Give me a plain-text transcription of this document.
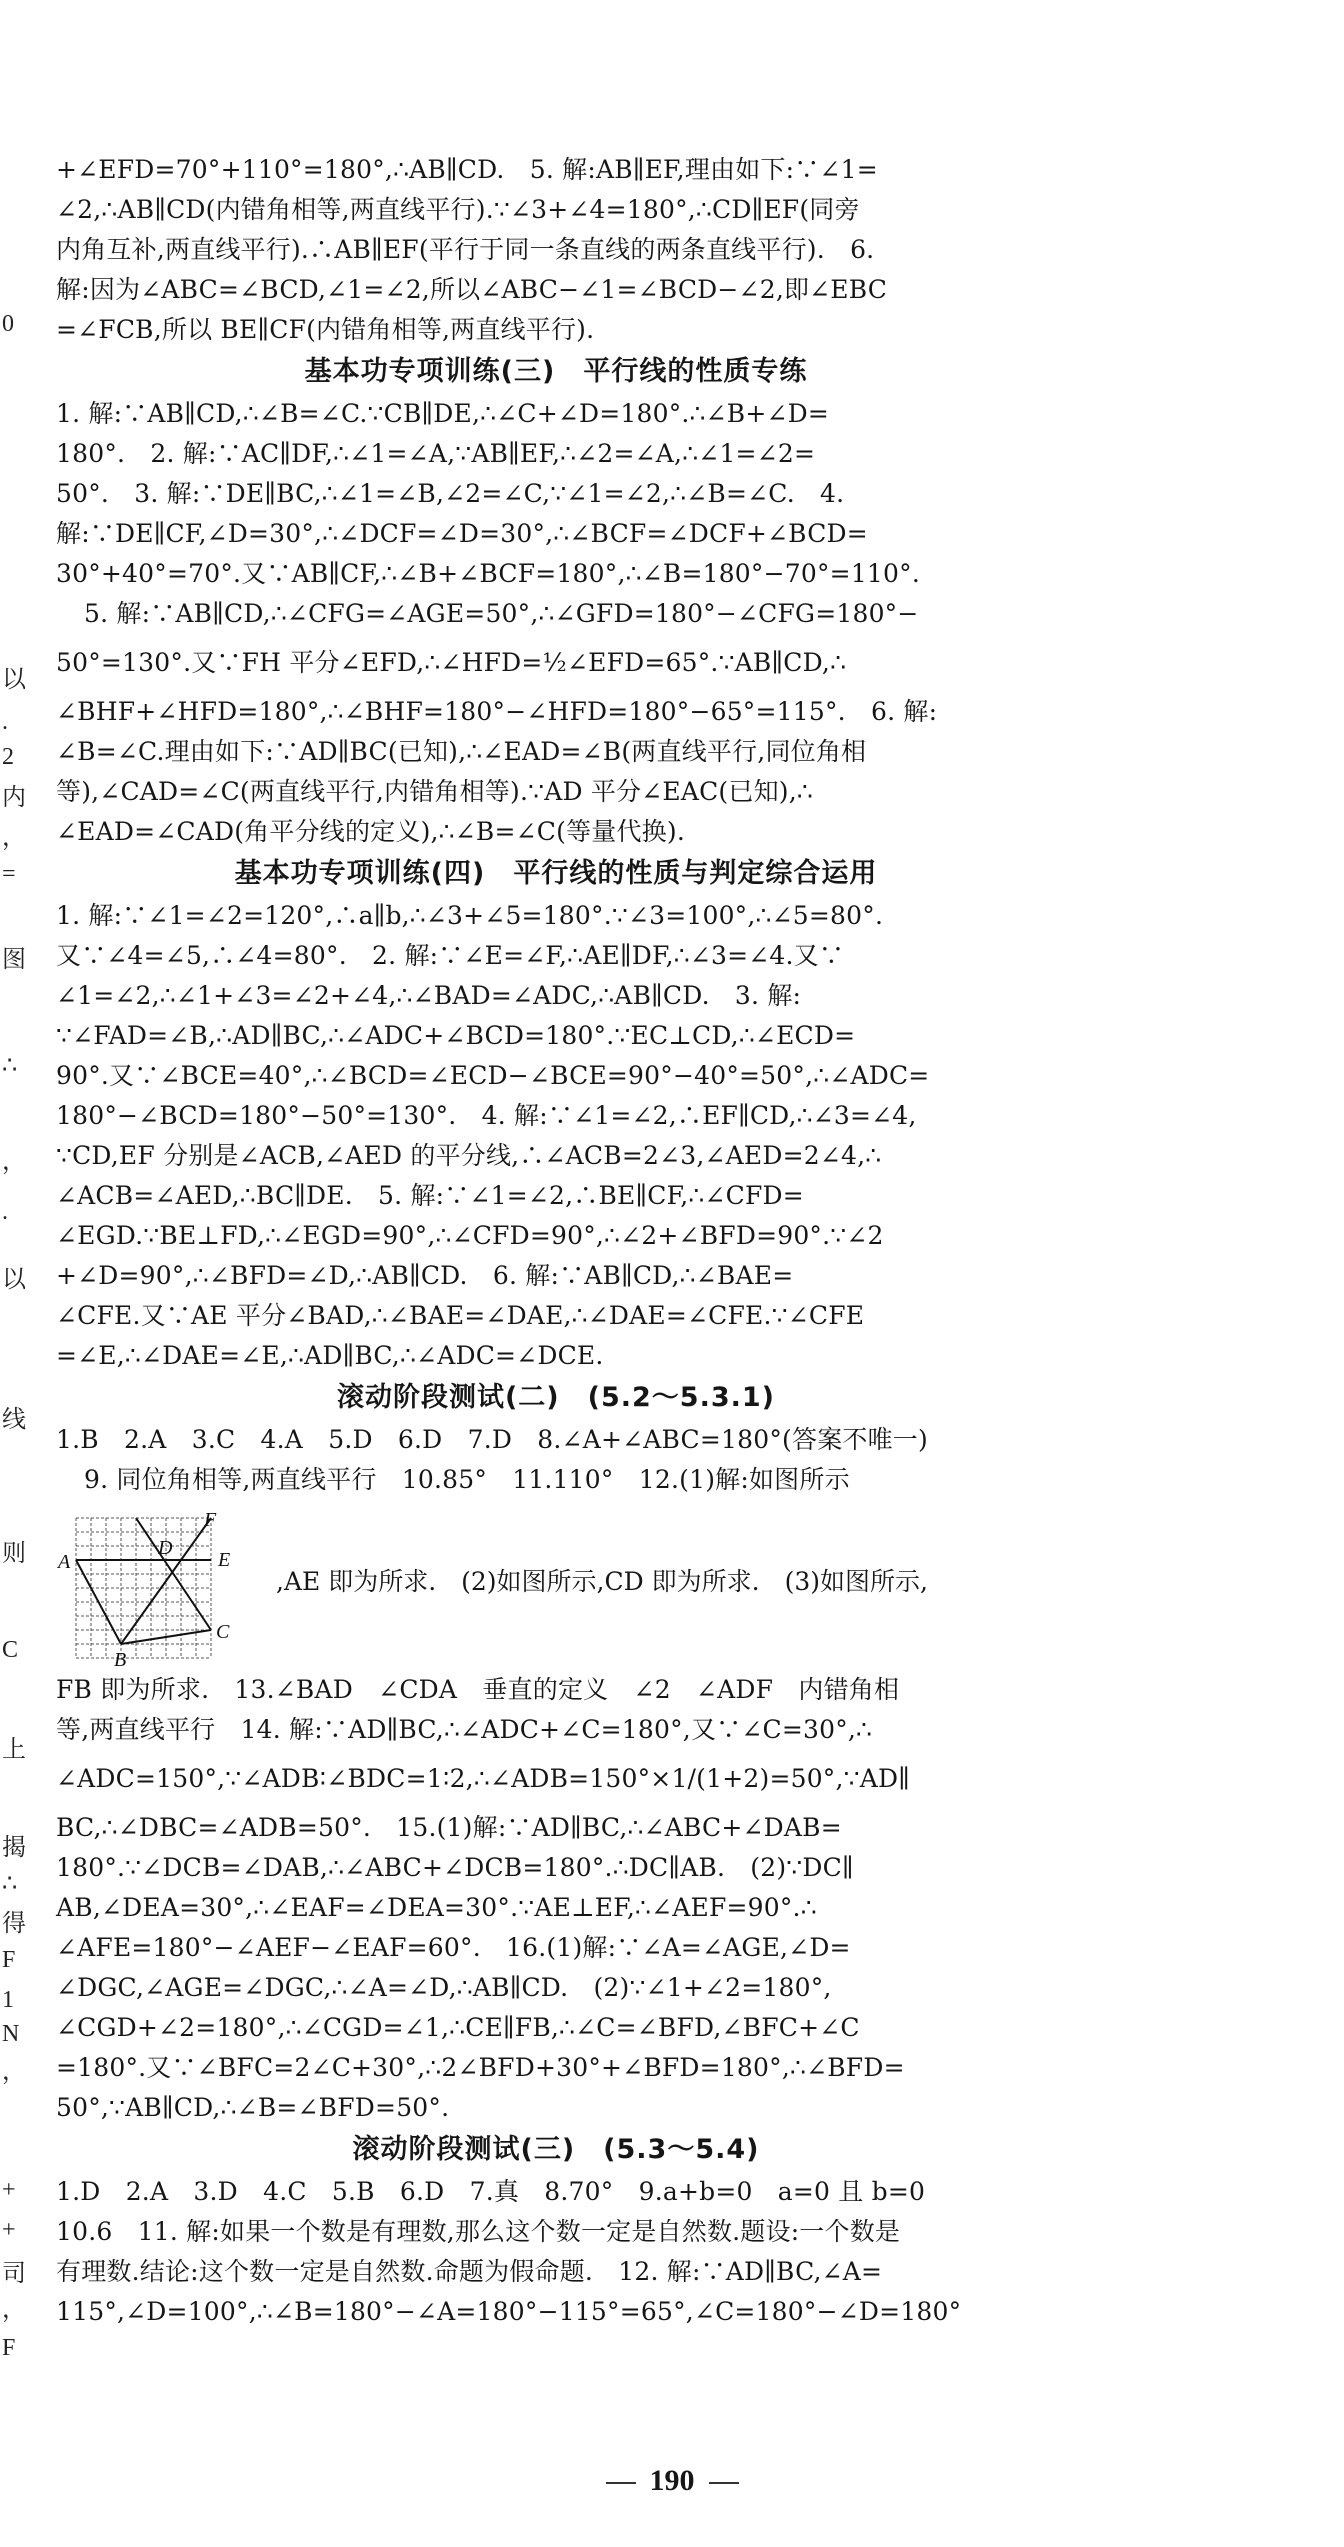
0
以
.
2
内
，
=
图
∴
，
.
以
线
则
C
上
揭
∴
得
F
1
N
，
+
+
司
，
F
+∠EFD=70°+110°=180°,∴AB∥CD.　5. 解:AB∥EF,理由如下:∵∠1=
∠2,∴AB∥CD(内错角相等,两直线平行).∵∠3+∠4=180°,∴CD∥EF(同旁
内角互补,两直线平行).∴AB∥EF(平行于同一条直线的两条直线平行).　6.
解:因为∠ABC=∠BCD,∠1=∠2,所以∠ABC−∠1=∠BCD−∠2,即∠EBC
=∠FCB,所以 BE∥CF(内错角相等,两直线平行).
基本功专项训练(三)　平行线的性质专练
1. 解:∵AB∥CD,∴∠B=∠C.∵CB∥DE,∴∠C+∠D=180°.∴∠B+∠D=
180°.　2. 解:∵AC∥DF,∴∠1=∠A,∵AB∥EF,∴∠2=∠A,∴∠1=∠2=
50°.　3. 解:∵DE∥BC,∴∠1=∠B,∠2=∠C,∵∠1=∠2,∴∠B=∠C.　4.
解:∵DE∥CF,∠D=30°,∴∠DCF=∠D=30°,∴∠BCF=∠DCF+∠BCD=
30°+40°=70°.又∵AB∥CF,∴∠B+∠BCF=180°,∴∠B=180°−70°=110°.
5. 解:∵AB∥CD,∴∠CFG=∠AGE=50°,∴∠GFD=180°−∠CFG=180°−
50°=130°.又∵FH 平分∠EFD,∴∠HFD=½∠EFD=65°.∵AB∥CD,∴
∠BHF+∠HFD=180°,∴∠BHF=180°−∠HFD=180°−65°=115°.　6. 解:
∠B=∠C.理由如下:∵AD∥BC(已知),∴∠EAD=∠B(两直线平行,同位角相
等),∠CAD=∠C(两直线平行,内错角相等).∵AD 平分∠EAC(已知),∴
∠EAD=∠CAD(角平分线的定义),∴∠B=∠C(等量代换).
基本功专项训练(四)　平行线的性质与判定综合运用
1. 解:∵∠1=∠2=120°,∴a∥b,∴∠3+∠5=180°.∵∠3=100°,∴∠5=80°.
又∵∠4=∠5,∴∠4=80°.　2. 解:∵∠E=∠F,∴AE∥DF,∴∠3=∠4.又∵
∠1=∠2,∴∠1+∠3=∠2+∠4,∴∠BAD=∠ADC,∴AB∥CD.　3. 解:
∵∠FAD=∠B,∴AD∥BC,∴∠ADC+∠BCD=180°.∵EC⊥CD,∴∠ECD=
90°.又∵∠BCE=40°,∴∠BCD=∠ECD−∠BCE=90°−40°=50°,∴∠ADC=
180°−∠BCD=180°−50°=130°.　4. 解:∵∠1=∠2,∴EF∥CD,∴∠3=∠4,
∵CD,EF 分别是∠ACB,∠AED 的平分线,∴∠ACB=2∠3,∠AED=2∠4,∴
∠ACB=∠AED,∴BC∥DE.　5. 解:∵∠1=∠2,∴BE∥CF,∴∠CFD=
∠EGD.∵BE⊥FD,∴∠EGD=90°,∴∠CFD=90°,∴∠2+∠BFD=90°.∵∠2
+∠D=90°,∴∠BFD=∠D,∴AB∥CD.　6. 解:∵AB∥CD,∴∠BAE=
∠CFE.又∵AE 平分∠BAD,∴∠BAE=∠DAE,∴∠DAE=∠CFE.∵∠CFE
=∠E,∴∠DAE=∠E,∴AD∥BC,∴∠ADC=∠DCE.
滚动阶段测试(二)　(5.2～5.3.1)
1.B　2.A　3.C　4.A　5.D　6.D　7.D　8.∠A+∠ABC=180°(答案不唯一)
9. 同位角相等,两直线平行　10.85°　11.110°　12.(1)解:如图所示
A
B
C
D
E
F
,AE 即为所求.　(2)如图所示,CD 即为所求.　(3)如图所示,
FB 即为所求.　13.∠BAD　∠CDA　垂直的定义　∠2　∠ADF　内错角相
等,两直线平行　14. 解:∵AD∥BC,∴∠ADC+∠C=180°,又∵∠C=30°,∴
∠ADC=150°,∵∠ADB∶∠BDC=1∶2,∴∠ADB=150°×1/(1+2)=50°,∵AD∥
BC,∴∠DBC=∠ADB=50°.　15.(1)解:∵AD∥BC,∴∠ABC+∠DAB=
180°.∵∠DCB=∠DAB,∴∠ABC+∠DCB=180°.∴DC∥AB.　(2)∵DC∥
AB,∠DEA=30°,∴∠EAF=∠DEA=30°.∵AE⊥EF,∴∠AEF=90°.∴
∠AFE=180°−∠AEF−∠EAF=60°.　16.(1)解:∵∠A=∠AGE,∠D=
∠DGC,∠AGE=∠DGC,∴∠A=∠D,∴AB∥CD.　(2)∵∠1+∠2=180°,
∠CGD+∠2=180°,∴∠CGD=∠1,∴CE∥FB,∴∠C=∠BFD,∠BFC+∠C
=180°.又∵∠BFC=2∠C+30°,∴2∠BFD+30°+∠BFD=180°,∴∠BFD=
50°,∵AB∥CD,∴∠B=∠BFD=50°.
滚动阶段测试(三)　(5.3～5.4)
1.D　2.A　3.D　4.C　5.B　6.D　7.真　8.70°　9.a+b=0　a=0 且 b=0
10.6　11. 解:如果一个数是有理数,那么这个数一定是自然数.题设:一个数是
有理数.结论:这个数一定是自然数.命题为假命题.　12. 解:∵AD∥BC,∠A=
115°,∠D=100°,∴∠B=180°−∠A=180°−115°=65°,∠C=180°−∠D=180°
190
